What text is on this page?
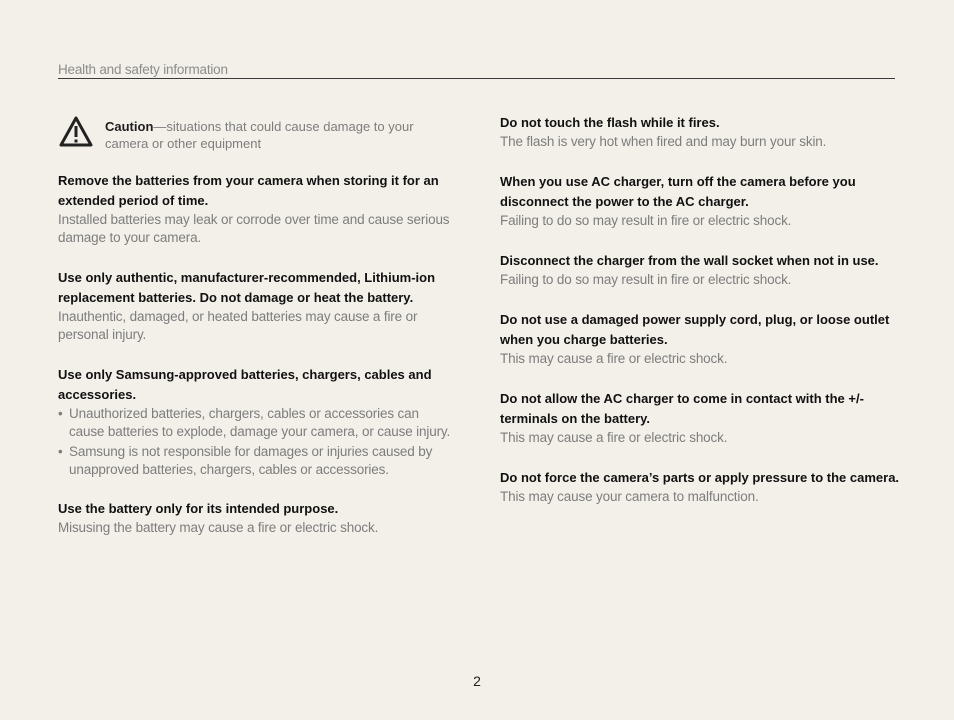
Health and safety information
Caution—situations that could cause damage to your camera or other equipment
Remove the batteries from your camera when storing it for an extended period of time.

Installed batteries may leak or corrode over time and cause serious damage to your camera.

Use only authentic, manufacturer-recommended, Lithium-ion replacement batteries. Do not damage or heat the battery.

Inauthentic, damaged, or heated batteries may cause a fire or personal injury.

Use only Samsung-approved batteries, chargers, cables and accessories.
• Unauthorized batteries, chargers, cables or accessories can cause batteries to explode, damage your camera, or cause injury.
• Samsung is not responsible for damages or injuries caused by unapproved batteries, chargers, cables or accessories.
Use the battery only for its intended purpose.

Misusing the battery may cause a fire or electric shock.

Do not touch the flash while it fires.

The flash is very hot when fired and may burn your skin.

When you use AC charger, turn off the camera before you disconnect the power to the AC charger.

Failing to do so may result in fire or electric shock.

Disconnect the charger from the wall socket when not in use.

Failing to do so may result in fire or electric shock.

Do not use a damaged power supply cord, plug, or loose outlet when you charge batteries.

This may cause a fire or electric shock.

Do not allow the AC charger to come in contact with the +/- terminals on the battery.

This may cause a fire or electric shock.

Do not force the camera’s parts or apply pressure to the camera.

This may cause your camera to malfunction.

2
